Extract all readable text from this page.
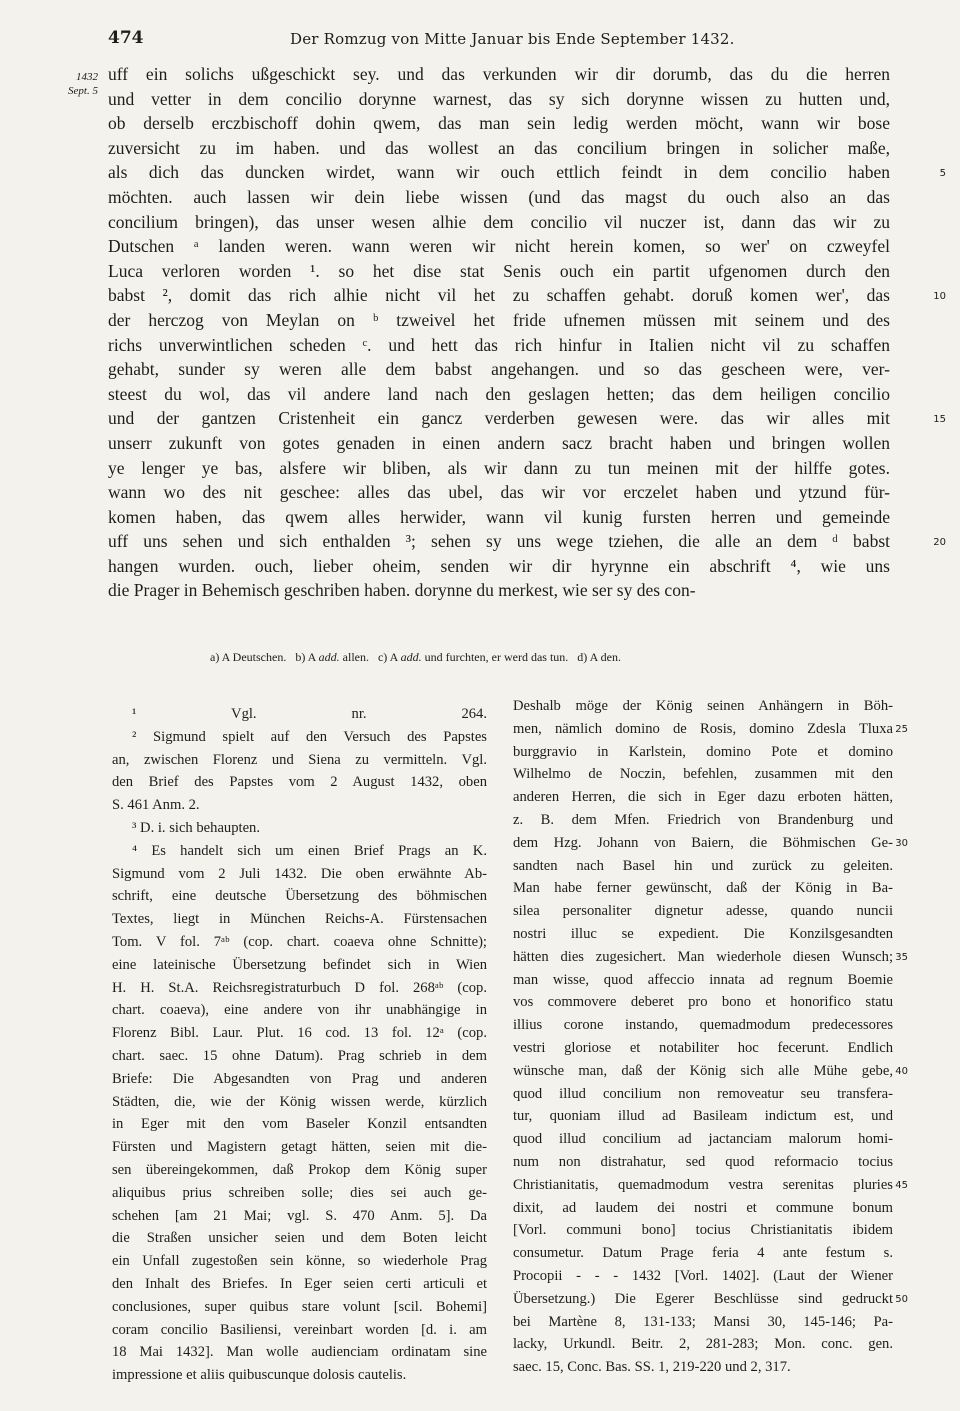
474	Der Romzug von Mitte Januar bis Ende September 1432.
1432
Sept. 5
uff ein solichs ußgeschickt sey. und das verkunden wir dir dorumb, das du die herren
und vetter in dem concilio dorynne warnest, das sy sich dorynne wissen zu hutten und,
ob derselb erczbischoff dohin qwem, das man sein ledig werden möcht, wann wir bose
zuversicht zu im haben. und das wollest an das concilium bringen in solicher maße,
als dich das duncken wirdet, wann wir ouch ettlich feindt in dem concilio haben
möchten. auch lassen wir dein liebe wissen (und das magst du ouch also an das
concilium bringen), das unser wesen alhie dem concilio vil nuczer ist, dann das wir zu
Dutschen ᵃ landen weren. wann weren wir nicht herein komen, so wer' on czweyfel
Luca verloren worden ¹. so het dise stat Senis ouch ein partit ufgenomen durch den
babst ², domit das rich alhie nicht vil het zu schaffen gehabt. doruß komen wer', das
der herczog von Meylan on ᵇ tzweivel het fride ufnemen müssen mit seinem und des
richs unverwintlichen scheden ᶜ. und hett das rich hinfur in Italien nicht vil zu schaffen
gehabt, sunder sy weren alle dem babst angehangen. und so das gescheen were, ver-
steest du wol, das vil andere land nach den geslagen hetten; das dem heiligen concilio
und der gantzen Cristenheit ein gancz verderben gewesen were. das wir alles mit
unserr zukunft von gotes genaden in einen andern sacz bracht haben und bringen wollen
ye lenger ye bas, alsfere wir bliben, als wir dann zu tun meinen mit der hilffe gotes.
wann wo des nit geschee: alles das ubel, das wir vor erczelet haben und ytzund für-
komen haben, das qwem alles herwider, wann vil kunig fursten herren und gemeinde
uff uns sehen und sich enthalden ³; sehen sy uns wege tziehen, die alle an dem ᵈ babst
hangen wurden. ouch, lieber oheim, senden wir dir hyrynne ein abschrift ⁴, wie uns
die Prager in Behemisch geschriben haben. dorynne du merkest, wie ser sy des con-
5
10
15
20
a) A Deutschen. b) A add. allen. c) A add. und furchten, er werd das tun. d) A den.
¹ Vgl. nr. 264.
² Sigmund spielt auf den Versuch des Papstes
an, zwischen Florenz und Siena zu vermitteln. Vgl.
den Brief des Papstes vom 2 August 1432, oben
S. 461 Anm. 2.
³ D. i. sich behaupten.
⁴ Es handelt sich um einen Brief Prags an K.
Sigmund vom 2 Juli 1432. Die oben erwähnte Ab-
schrift, eine deutsche Übersetzung des böhmischen
Textes, liegt in München Reichs-A. Fürstensachen
Tom. V fol. 7ᵃᵇ (cop. chart. coaeva ohne Schnitte);
eine lateinische Übersetzung befindet sich in Wien
H. H. St.A. Reichsregistraturbuch D fol. 268ᵃᵇ (cop.
chart. coaeva), eine andere von ihr unabhängige in
Florenz Bibl. Laur. Plut. 16 cod. 13 fol. 12ᵃ (cop.
chart. saec. 15 ohne Datum). Prag schrieb in dem
Briefe: Die Abgesandten von Prag und anderen
Städten, die, wie der König wissen werde, kürzlich
in Eger mit den vom Baseler Konzil entsandten
Fürsten und Magistern getagt hätten, seien mit die-
sen übereingekommen, daß Prokop dem König super
aliquibus prius schreiben solle; dies sei auch ge-
schehen [am 21 Mai; vgl. S. 470 Anm. 5]. Da
die Straßen unsicher seien und dem Boten leicht
ein Unfall zugestoßen sein könne, so wiederhole Prag
den Inhalt des Briefes. In Eger seien certi articuli et
conclusiones, super quibus stare volunt [scil. Bohemi]
coram concilio Basiliensi, vereinbart worden [d. i. am
18 Mai 1432]. Man wolle audienciam ordinatam sine
impressione et aliis quibuscunque dolosis cautelis.
Deshalb möge der König seinen Anhängern in Böh-
men, nämlich domino de Rosis, domino Zdesla Tluxa
burggravio in Karlstein, domino Pote et domino
Wilhelmo de Noczin, befehlen, zusammen mit den
anderen Herren, die sich in Eger dazu erboten hätten,
z. B. dem Mfen. Friedrich von Brandenburg und
dem Hzg. Johann von Baiern, die Böhmischen Ge-
sandten nach Basel hin und zurück zu geleiten.
Man habe ferner gewünscht, daß der König in Ba-
silea personaliter dignetur adesse, quando nuncii
nostri illuc se expedient. Die Konzilsgesandten
hätten dies zugesichert. Man wiederhole diesen Wunsch;
man wisse, quod affeccio innata ad regnum Boemie
vos commovere deberet pro bono et honorifico statu
illius corone instando, quemadmodum predecessores
vestri gloriose et notabiliter hoc fecerunt. Endlich
wünsche man, daß der König sich alle Mühe gebe,
quod illud concilium non removeatur seu transfera-
tur, quoniam illud ad Basileam indictum est, und
quod illud concilium ad jactanciam malorum homi-
num non distrahatur, sed quod reformacio tocius
Christianitatis, quemadmodum vestra serenitas pluries
dixit, ad laudem dei nostri et commune bonum
[Vorl. communi bono] tocius Christianitatis ibidem
consumetur. Datum Prage feria 4 ante festum s.
Procopii - - - 1432 [Vorl. 1402]. (Laut der Wiener
Übersetzung.) Die Egerer Beschlüsse sind gedruckt
bei Martène 8, 131-133; Mansi 30, 145-146; Pa-
lacky, Urkundl. Beitr. 2, 281-283; Mon. conc. gen.
saec. 15, Conc. Bas. SS. 1, 219-220 und 2, 317.
25
30
35
40
45
50
